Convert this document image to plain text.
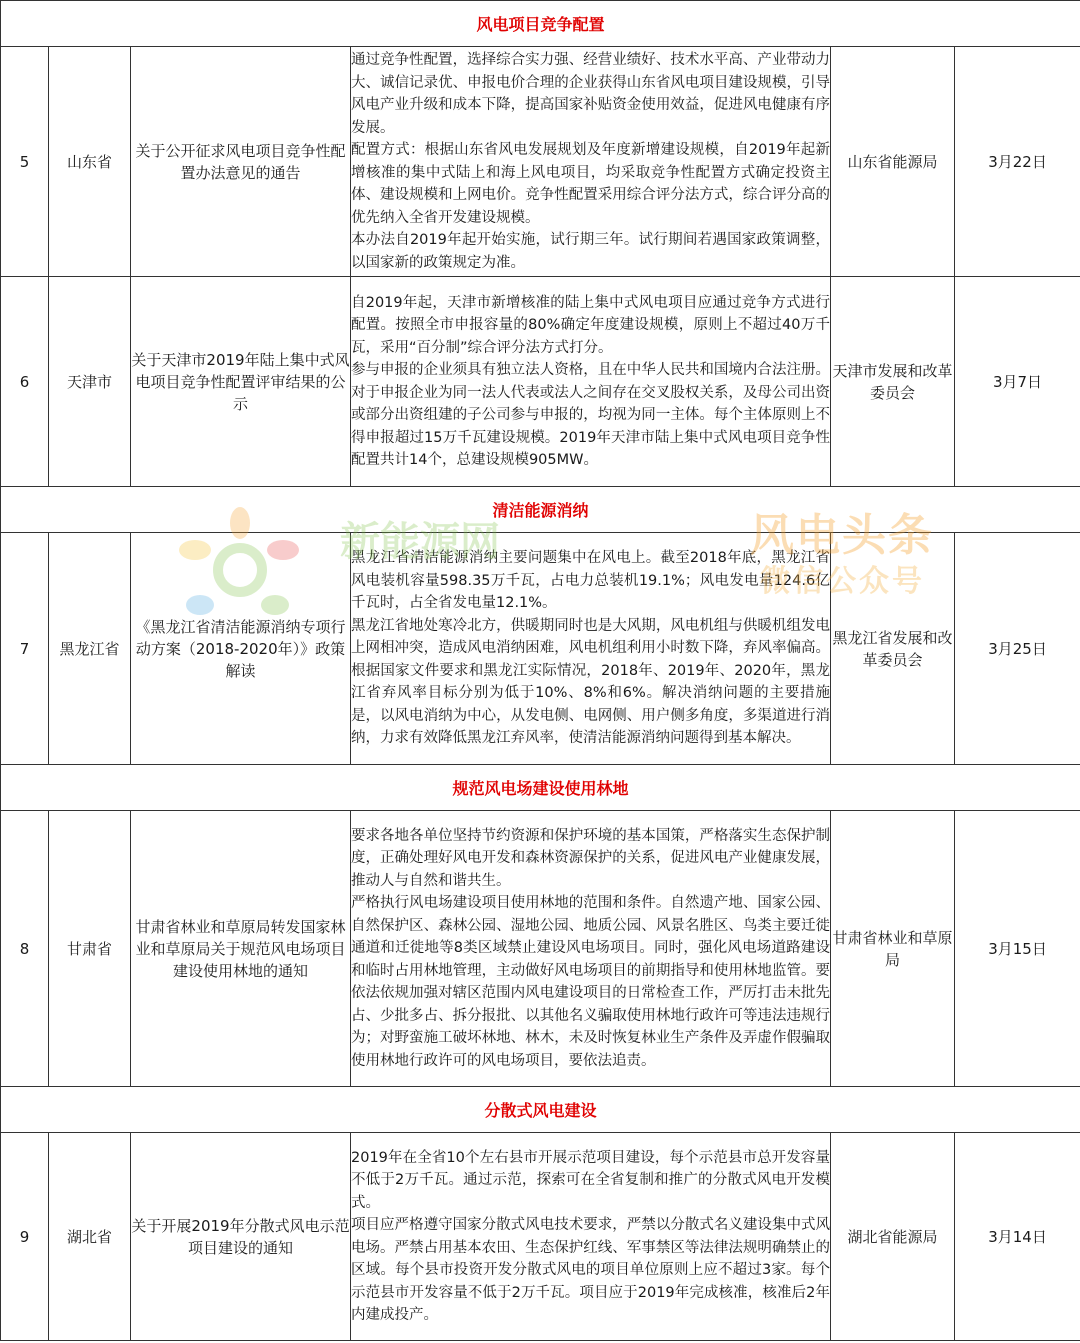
风电项目竞争配置					
5	山东省	关于公开征求风电项目竞争性配置办法意见的通告	通过竞争性配置，选择综合实力强、经营业绩好、技术水平高、产业带动力大、诚信记录优、申报电价合理的企业获得山东省风电项目建设规模，引导风电产业升级和成本下降，提高国家补贴资金使用效益，促进风电健康有序发展。

配置方式：根据山东省风电发展规划及年度新增建设规模，自2019年起新增核准的集中式陆上和海上风电项目，均采取竞争性配置方式确定投资主体、建设规模和上网电价。竞争性配置采用综合评分法方式，综合评分高的优先纳入全省开发建设规模。

本办法自2019年起开始实施，试行期三年。试行期间若遇国家政策调整，以国家新的政策规定为准。	山东省能源局	3月22日
6	天津市	关于天津市2019年陆上集中式风电项目竞争性配置评审结果的公示	自2019年起，天津市新增核准的陆上集中式风电项目应通过竞争方式进行配置。按照全市申报容量的80%确定年度建设规模，原则上不超过40万千瓦，采用“百分制”综合评分法方式打分。

参与申报的企业须具有独立法人资格，且在中华人民共和国境内合法注册。对于申报企业为同一法人代表或法人之间存在交叉股权关系，及母公司出资或部分出资组建的子公司参与申报的，均视为同一主体。每个主体原则上不得申报超过15万千瓦建设规模。2019年天津市陆上集中式风电项目竞争性配置共计14个，总建设规模905MW。	天津市发展和改革委员会	3月7日
清洁能源消纳					
7	黑龙江省	《黑龙江省清洁能源消纳专项行动方案（2018-2020年）》政策解读	黑龙江省清洁能源消纳主要问题集中在风电上。截至2018年底，黑龙江省风电装机容量598.35万千瓦，占电力总装机19.1%；风电发电量124.6亿千瓦时，占全省发电量12.1%。

黑龙江省地处寒冷北方，供暖期同时也是大风期，风电机组与供暖机组发电上网相冲突，造成风电消纳困难，风电机组利用小时数下降，弃风率偏高。根据国家文件要求和黑龙江实际情况，2018年、2019年、2020年，黑龙江省弃风率目标分别为低于10%、8%和6%。解决消纳问题的主要措施是，以风电消纳为中心，从发电侧、电网侧、用户侧多角度，多渠道进行消纳，力求有效降低黑龙江弃风率，使清洁能源消纳问题得到基本解决。	黑龙江省发展和改革委员会	3月25日
规范风电场建设使用林地					
8	甘肃省	甘肃省林业和草原局转发国家林业和草原局关于规范风电场项目建设使用林地的通知	要求各地各单位坚持节约资源和保护环境的基本国策，严格落实生态保护制度，正确处理好风电开发和森林资源保护的关系，促进风电产业健康发展，推动人与自然和谐共生。

严格执行风电场建设项目使用林地的范围和条件。自然遗产地、国家公园、自然保护区、森林公园、湿地公园、地质公园、风景名胜区、鸟类主要迁徙通道和迁徙地等8类区域禁止建设风电场项目。同时，强化风电场道路建设和临时占用林地管理，主动做好风电场项目的前期指导和使用林地监管。要依法依规加强对辖区范围内风电建设项目的日常检查工作，严厉打击未批先占、少批多占、拆分报批、以其他名义骗取使用林地行政许可等违法违规行为；对野蛮施工破坏林地、林木，未及时恢复林业生产条件及弄虚作假骗取使用林地行政许可的风电场项目，要依法追责。	甘肃省林业和草原局	3月15日
分散式风电建设					
9	湖北省	关于开展2019年分散式风电示范项目建设的通知	2019年在全省10个左右县市开展示范项目建设，每个示范县市总开发容量不低于2万千瓦。通过示范，探索可在全省复制和推广的分散式风电开发模式。

项目应严格遵守国家分散式风电技术要求，严禁以分散式名义建设集中式风电场。严禁占用基本农田、生态保护红线、军事禁区等法律法规明确禁止的区域。每个县市投资开发分散式风电的项目单位原则上应不超过3家。每个示范县市开发容量不低于2万千瓦。项目应于2019年完成核准，核准后2年内建成投产。	湖北省能源局	3月14日
新能源网	风电头条
微信公众号
